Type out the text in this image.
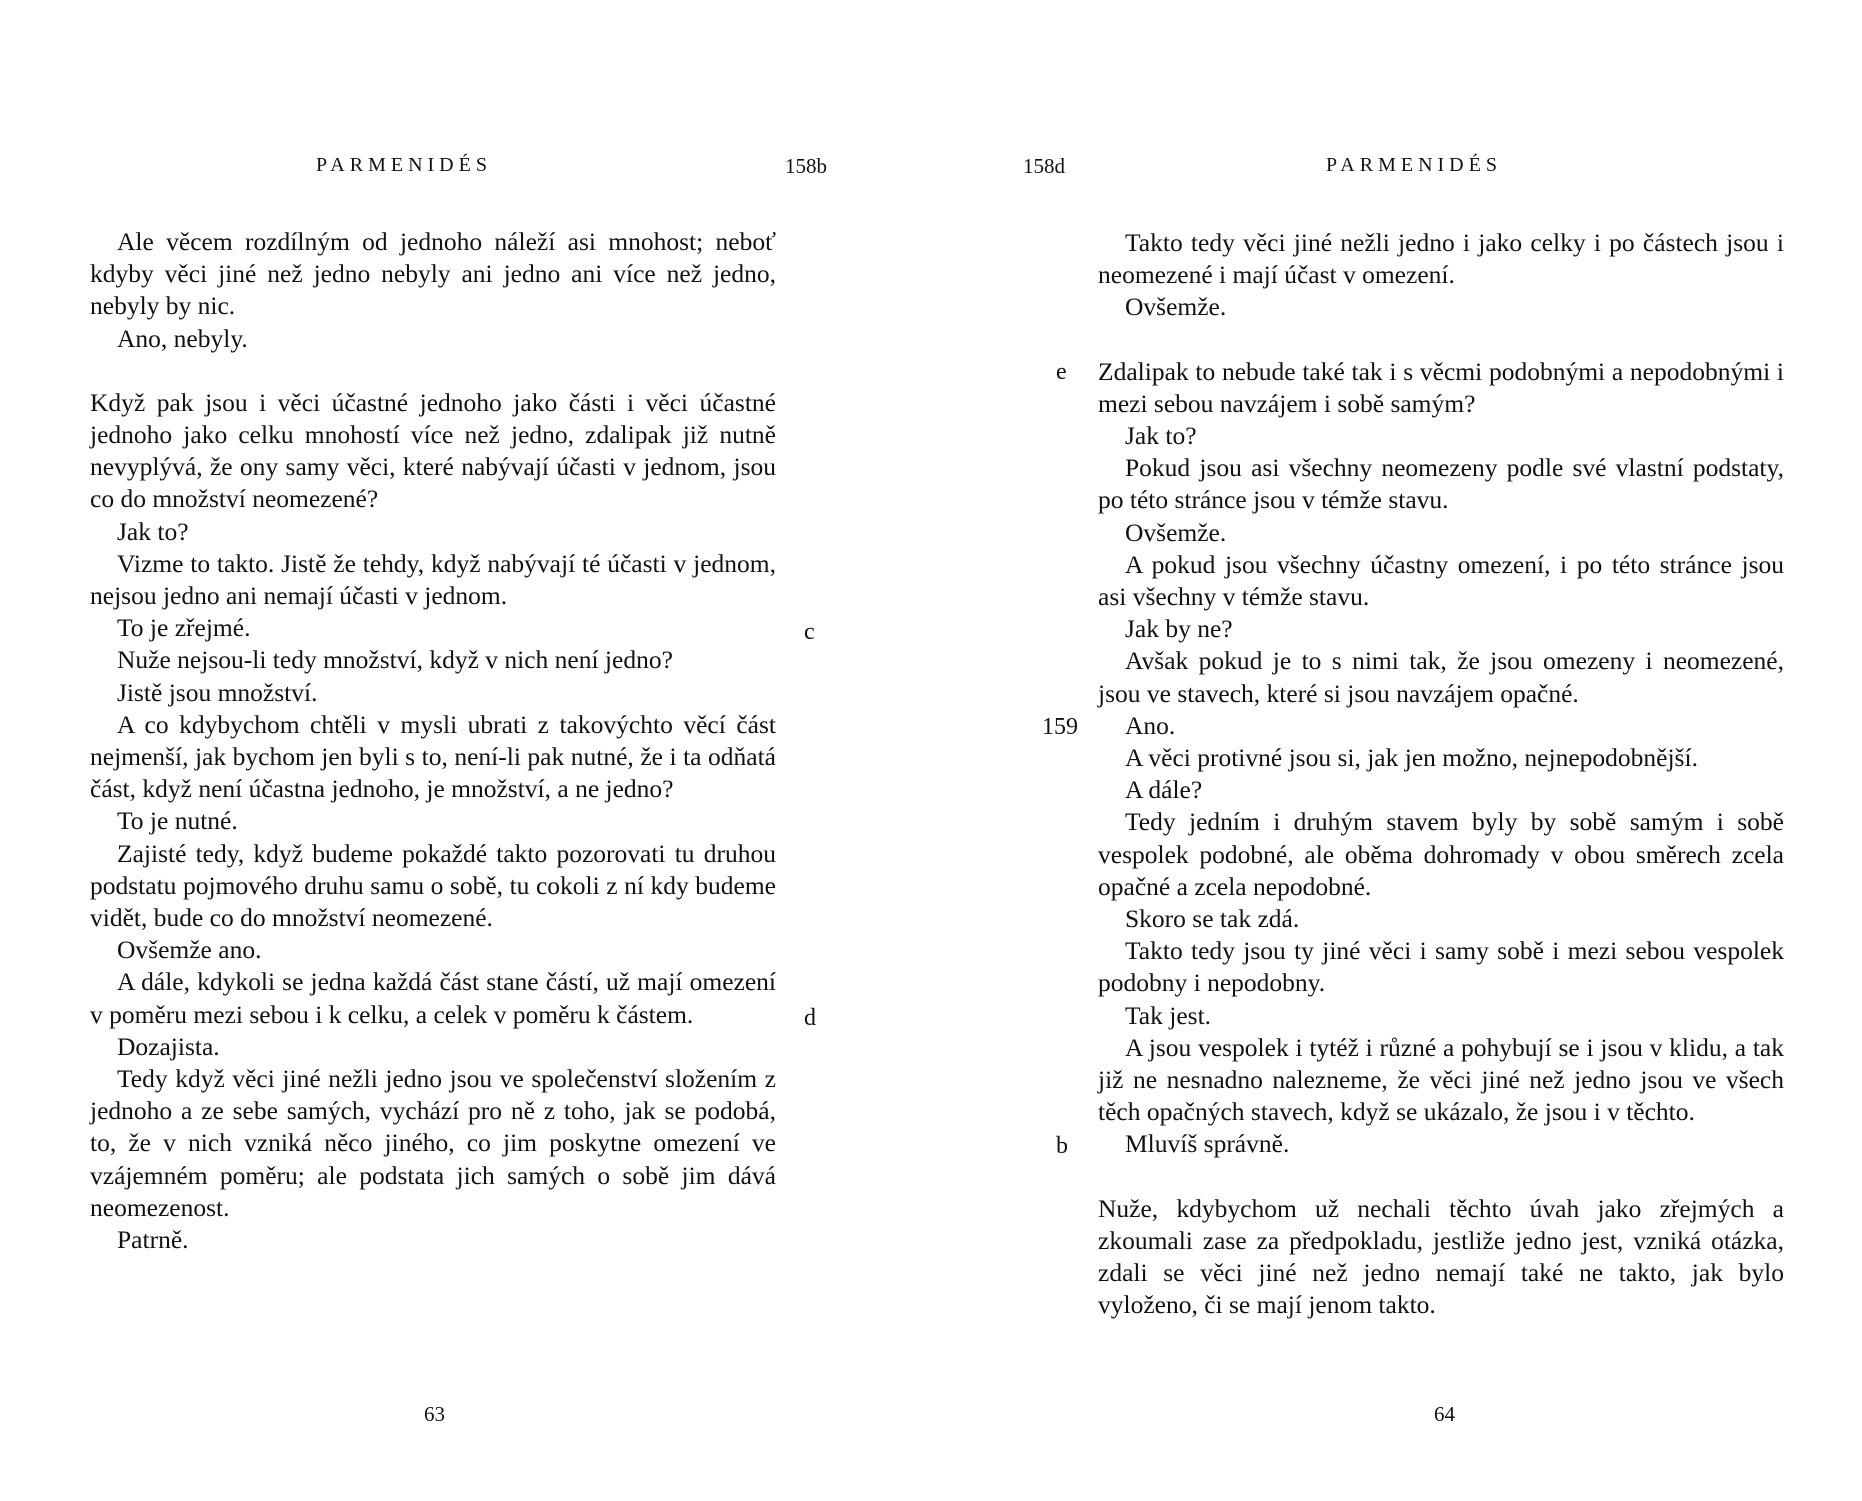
PARMENIDÉS	158b

Ale věcem rozdílným od jednoho náleží asi mnohost; neboť kdyby věci jiné než jedno nebyly ani jedno ani více než jedno, nebyly by nic.

Ano, nebyly.

Když pak jsou i věci účastné jednoho jako části i věci účastné jednoho jako celku mnohostí více než jedno, zdalipak již nutně nevyplývá, že ony samy věci, které nabývají účasti v jednom, jsou co do množství neomezené?

Jak to?

Vizme to takto. Jistě že tehdy, když nabývají té účasti v jednom, nejsou jedno ani nemají účasti v jednom.

To je zřejmé.

Nuže nejsou-li tedy množství, když v nich není jedno?

Jistě jsou množství.

A co kdybychom chtěli v mysli ubrati z takovýchto věcí část nejmenší, jak bychom jen byli s to, není-li pak nutné, že i ta odňatá část, když není účastna jednoho, je množství, a ne jedno?

To je nutné.

Zajisté tedy, když budeme pokaždé takto pozorovati tu druhou podstatu pojmového druhu samu o sobě, tu cokoli z ní kdy budeme vidět, bude co do množství neomezené.

Ovšemže ano.

A dále, kdykoli se jedna každá část stane částí, už mají omezení v poměru mezi sebou i k celku, a celek v poměru k částem.

Dozajista.

Tedy když věci jiné nežli jedno jsou ve společenství složením z jednoho a ze sebe samých, vychází pro ně z toho, jak se podobá, to, že v nich vzniká něco jiného, co jim poskytne omezení ve vzájemném poměru; ale podstata jich samých o sobě jim dává neomezenost.

Patrně.

c
d
63
158d	PARMENIDÉS

Takto tedy věci jiné nežli jedno i jako celky i po částech jsou i neomezené i mají účast v omezení.

Ovšemže.

Zdalipak to nebude také tak i s věcmi podobnými a nepodobnými i mezi sebou navzájem i sobě samým?

Jak to?

Pokud jsou asi všechny neomezeny podle své vlastní podstaty, po této stránce jsou v témže stavu.

Ovšemže.

A pokud jsou všechny účastny omezení, i po této stránce jsou asi všechny v témže stavu.

Jak by ne?

Avšak pokud je to s nimi tak, že jsou omezeny i neomezené, jsou ve stavech, které si jsou navzájem opačné.

Ano.

A věci protivné jsou si, jak jen možno, nejnepodobnější.

A dále?

Tedy jedním i druhým stavem byly by sobě samým i sobě vespolek podobné, ale oběma dohromady v obou směrech zcela opačné a zcela nepodobné.

Skoro se tak zdá.

Takto tedy jsou ty jiné věci i samy sobě i mezi sebou vespolek podobny i nepodobny.

Tak jest.

A jsou vespolek i tytéž i různé a pohybují se i jsou v klidu, a tak již ne nesnadno nalezneme, že věci jiné než jedno jsou ve všech těch opačných stavech, když se ukázalo, že jsou i v těchto.

Mluvíš správně.

Nuže, kdybychom už nechali těchto úvah jako zřejmých a zkoumali zase za předpokladu, jestliže jedno jest, vzniká otázka, zdali se věci jiné než jedno nemají také ne takto, jak bylo vyloženo, či se mají jenom takto.

e
159
b
64
